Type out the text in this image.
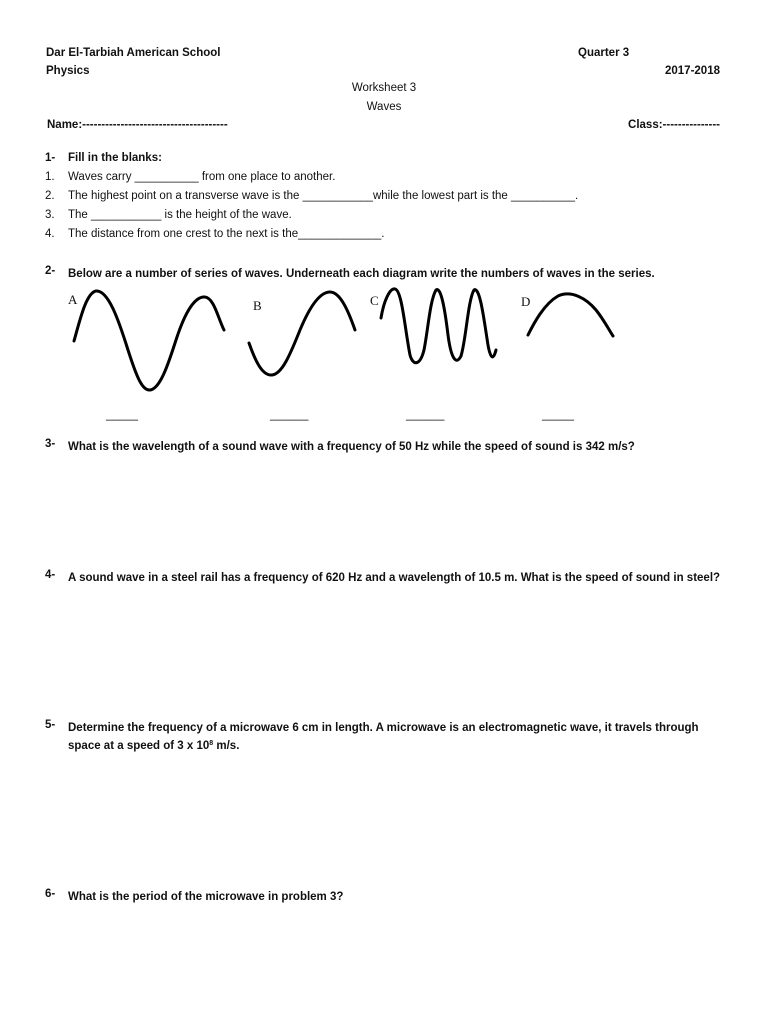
Dar El-Tarbiah American School
Physics
Quarter 3
2017-2018
Worksheet 3
Waves
Name:--------------------------------------	Class:---------------
1- Fill in the blanks:
1. Waves carry __________ from one place to another.
2. The highest point on a transverse wave is the ___________while the lowest part is the __________.
3. The ___________ is the height of the wave.
4. The distance from one crest to the next is the_____________.
2- Below are a number of series of waves. Underneath each diagram write the numbers of waves in the series.
A	B	C	D
_____	______	______	_____
3- What is the wavelength of a sound wave with a frequency of 50 Hz while the speed of sound is 342 m/s?
4- A sound wave in a steel rail has a frequency of 620 Hz and a wavelength of 10.5 m. What is the speed of sound in steel?
5- Determine the frequency of a microwave 6 cm in length. A microwave is an electromagnetic wave, it travels through space at a speed of 3 x $10^8$ m/s.
6- What is the period of the microwave in problem 3?
